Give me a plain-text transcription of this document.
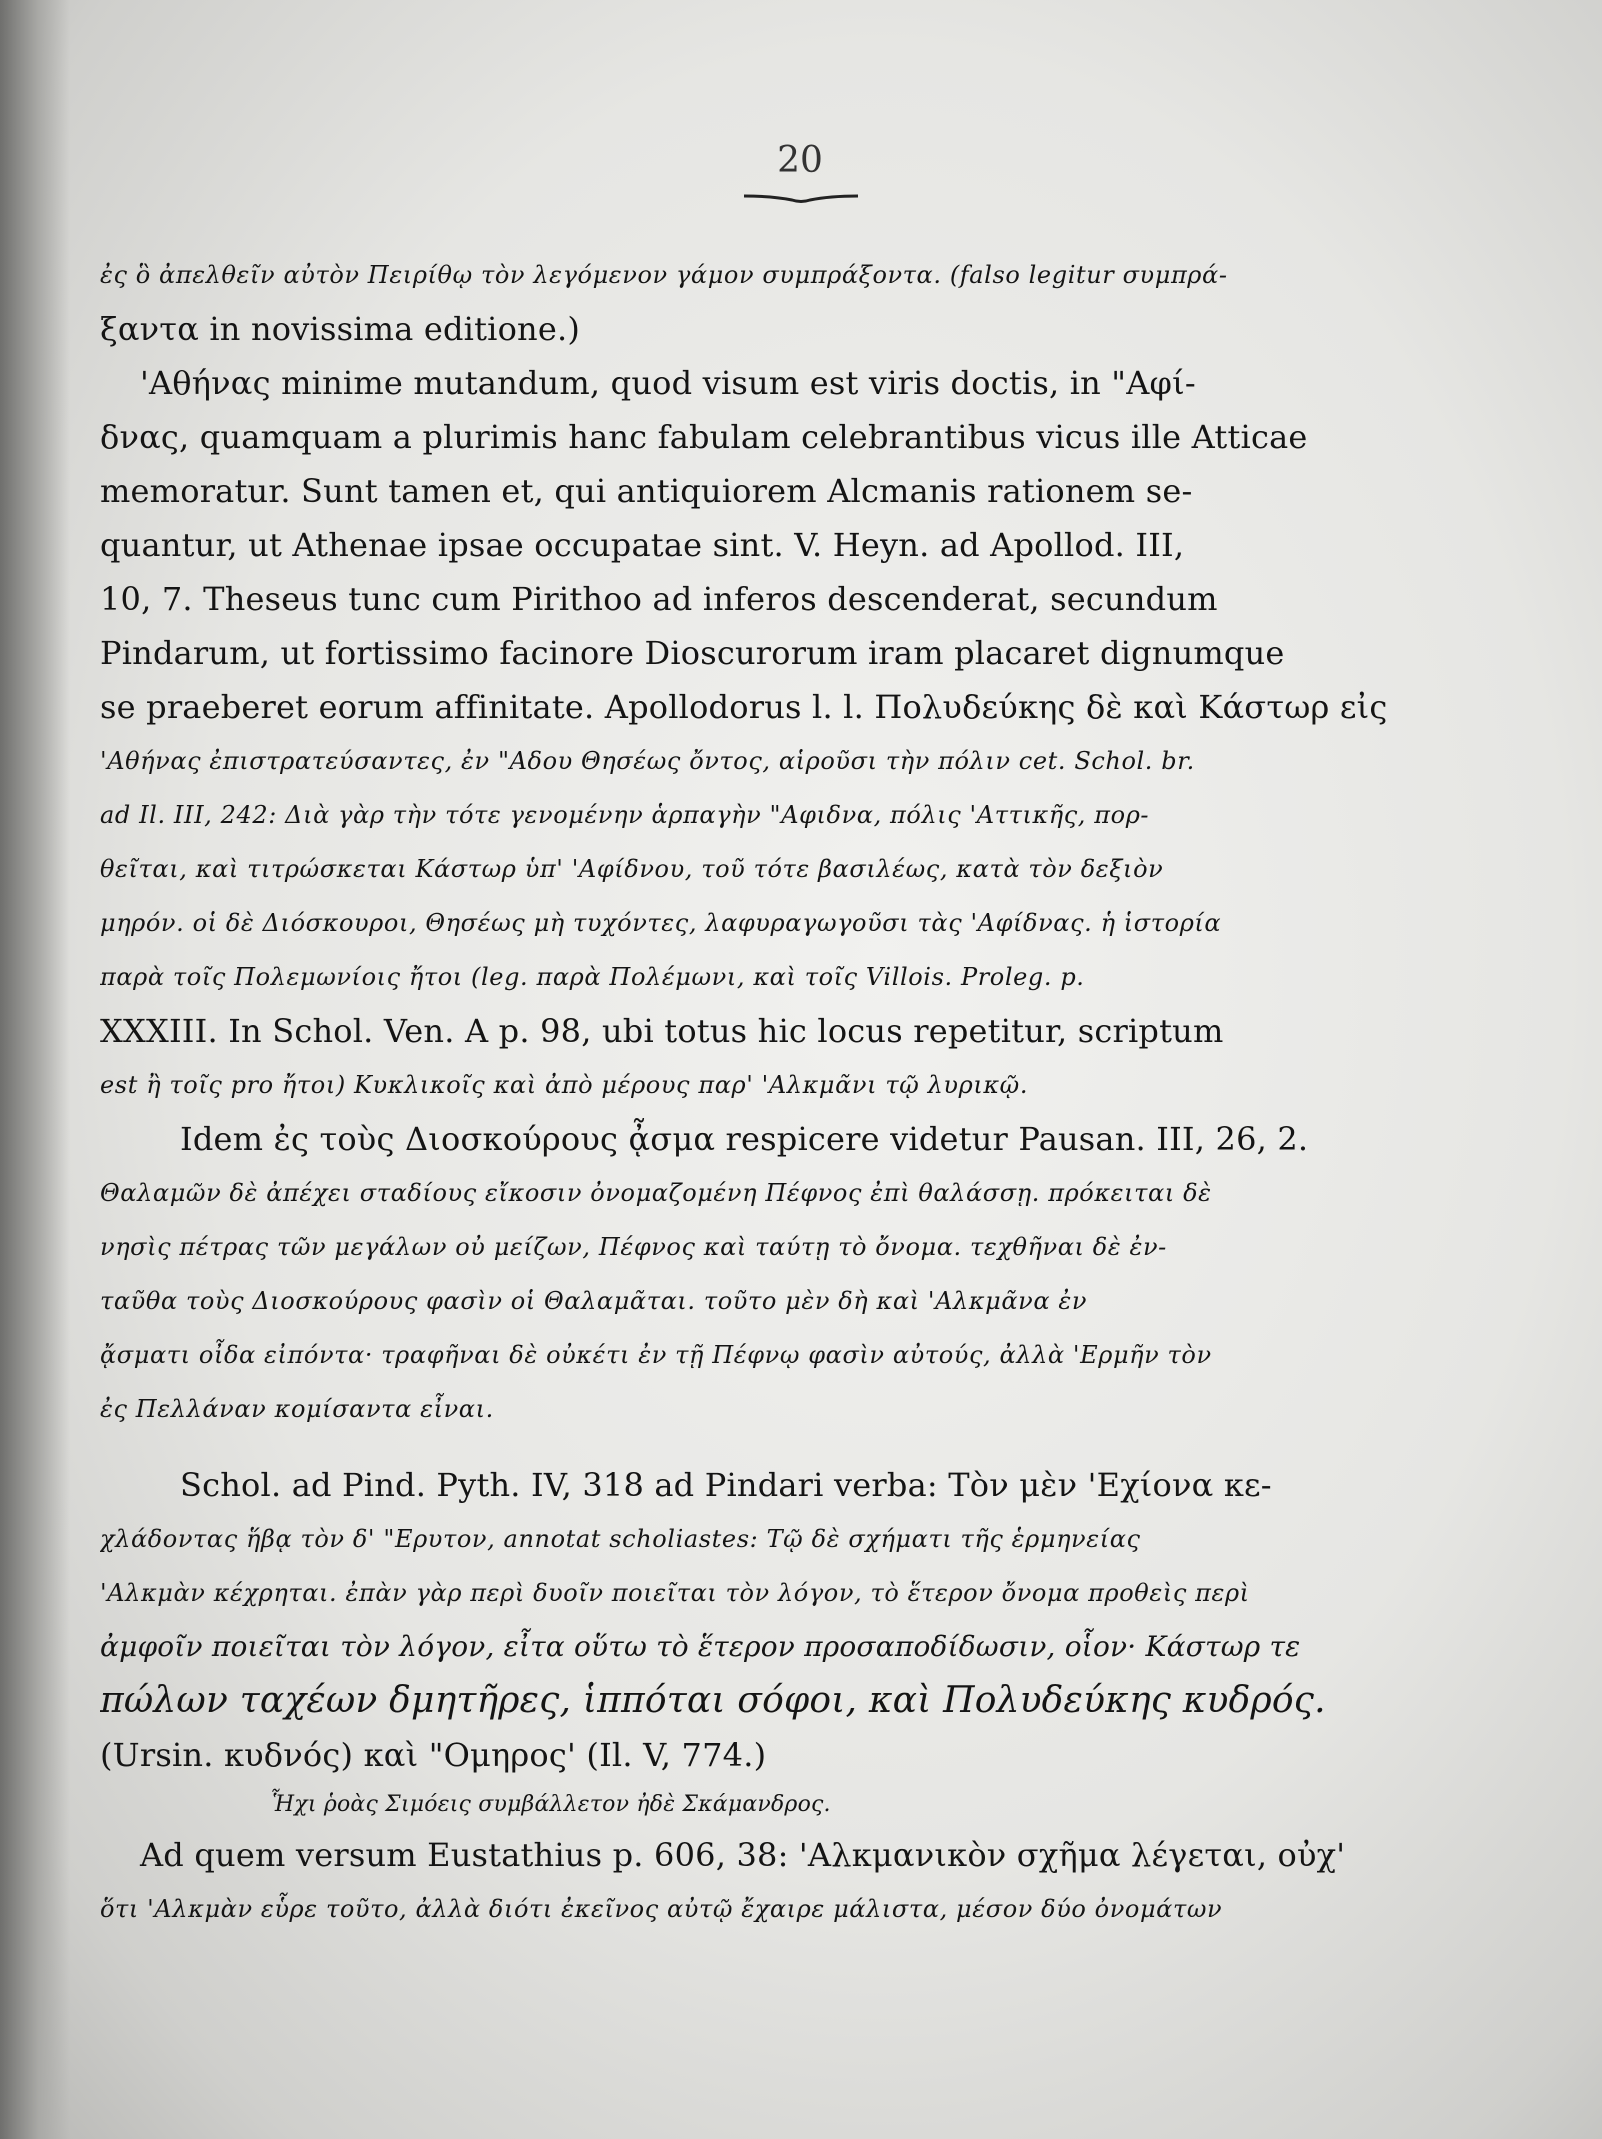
20
ἐς ὃ ἀπελθεῖν αὐτὸν Πειρίθῳ τὸν λεγόμενον γάμον συμπράξοντα. (falso legitur συμπρά-
ξαντα in novissima editione.)
'Αθήνας minime mutandum, quod visum est viris doctis, in "Αφί-
δνας, quamquam a plurimis hanc fabulam celebrantibus vicus ille Atticae
memoratur. Sunt tamen et, qui antiquiorem Alcmanis rationem se-
quantur, ut Athenae ipsae occupatae sint. V. Heyn. ad Apollod. III,
10, 7. Theseus tunc cum Pirithoo ad inferos descenderat, secundum
Pindarum, ut fortissimo facinore Dioscurorum iram placaret dignumque
se praeberet eorum affinitate. Apollodorus l. l. Πολυδεύκης δὲ καὶ Κάστωρ εἰς
'Αθήνας ἐπιστρατεύσαντες, ἐν "Αδου Θησέως ὄντος, αἱροῦσι τὴν πόλιν cet. Schol. br.
ad Il. III, 242: Διὰ γὰρ τὴν τότε γενομένην ἁρπαγὴν "Αφιδνα, πόλις 'Αττικῆς, πορ-
θεῖται, καὶ τιτρώσκεται Κάστωρ ὑπ' 'Αφίδνου, τοῦ τότε βασιλέως, κατὰ τὸν δεξιὸν
μηρόν. οἱ δὲ Διόσκουροι, Θησέως μὴ τυχόντες, λαφυραγωγοῦσι τὰς 'Αφίδνας. ἡ ἱστορία
παρὰ τοῖς Πολεμωνίοις ἤτοι (leg. παρὰ Πολέμωνι, καὶ τοῖς Villois. Proleg. p.
XXXIII. In Schol. Ven. A p. 98, ubi totus hic locus repetitur, scriptum
est ἢ τοῖς pro ἤτοι) Κυκλικοῖς καὶ ἀπὸ μέρους παρ' 'Αλκμᾶνι τῷ λυρικῷ.
Idem ἐς τοὺς Διοσκούρους ᾆσμα respicere videtur Pausan. III, 26, 2.
Θαλαμῶν δὲ ἀπέχει σταδίους εἴκοσιν ὀνομαζομένη Πέφνος ἐπὶ θαλάσσῃ. πρόκειται δὲ
νησὶς πέτρας τῶν μεγάλων οὐ μείζων, Πέφνος καὶ ταύτῃ τὸ ὄνομα. τεχθῆναι δὲ ἐν-
ταῦθα τοὺς Διοσκούρους φασὶν οἱ Θαλαμᾶται. τοῦτο μὲν δὴ καὶ 'Αλκμᾶνα ἐν
ᾄσματι οἶδα εἰπόντα· τραφῆναι δὲ οὐκέτι ἐν τῇ Πέφνῳ φασὶν αὐτούς, ἀλλὰ 'Ερμῆν τὸν
ἐς Πελλάναν κομίσαντα εἶναι.
Schol. ad Pind. Pyth. IV, 318 ad Pindari verba: Τὸν μὲν 'Εχίονα κε-
χλάδοντας ἥβᾳ τὸν δ' "Ερυτον, annotat scholiastes: Τῷ δὲ σχήματι τῆς ἑρμηνείας
'Αλκμὰν κέχρηται. ἐπὰν γὰρ περὶ δυοῖν ποιεῖται τὸν λόγον, τὸ ἕτερον ὄνομα προθεὶς περὶ
ἀμφοῖν ποιεῖται τὸν λόγον, εἶτα οὕτω τὸ ἕτερον προσαποδίδωσιν, οἷον· Κάστωρ τε
πώλων ταχέων δμητῆρες, ἱππόται σόφοι, καὶ Πολυδεύκης κυδρός.
(Ursin. κυδνός) καὶ "Ομηρος' (Il. V, 774.)
Ἧχι ῥοὰς Σιμόεις συμβάλλετον ἠδὲ Σκάμανδρος.
Ad quem versum Eustathius p. 606, 38: 'Αλκμανικὸν σχῆμα λέγεται, οὐχ'
ὅτι 'Αλκμὰν εὗρε τοῦτο, ἀλλὰ διότι ἐκεῖνος αὐτῷ ἔχαιρε μάλιστα, μέσον δύο ὀνομάτων
